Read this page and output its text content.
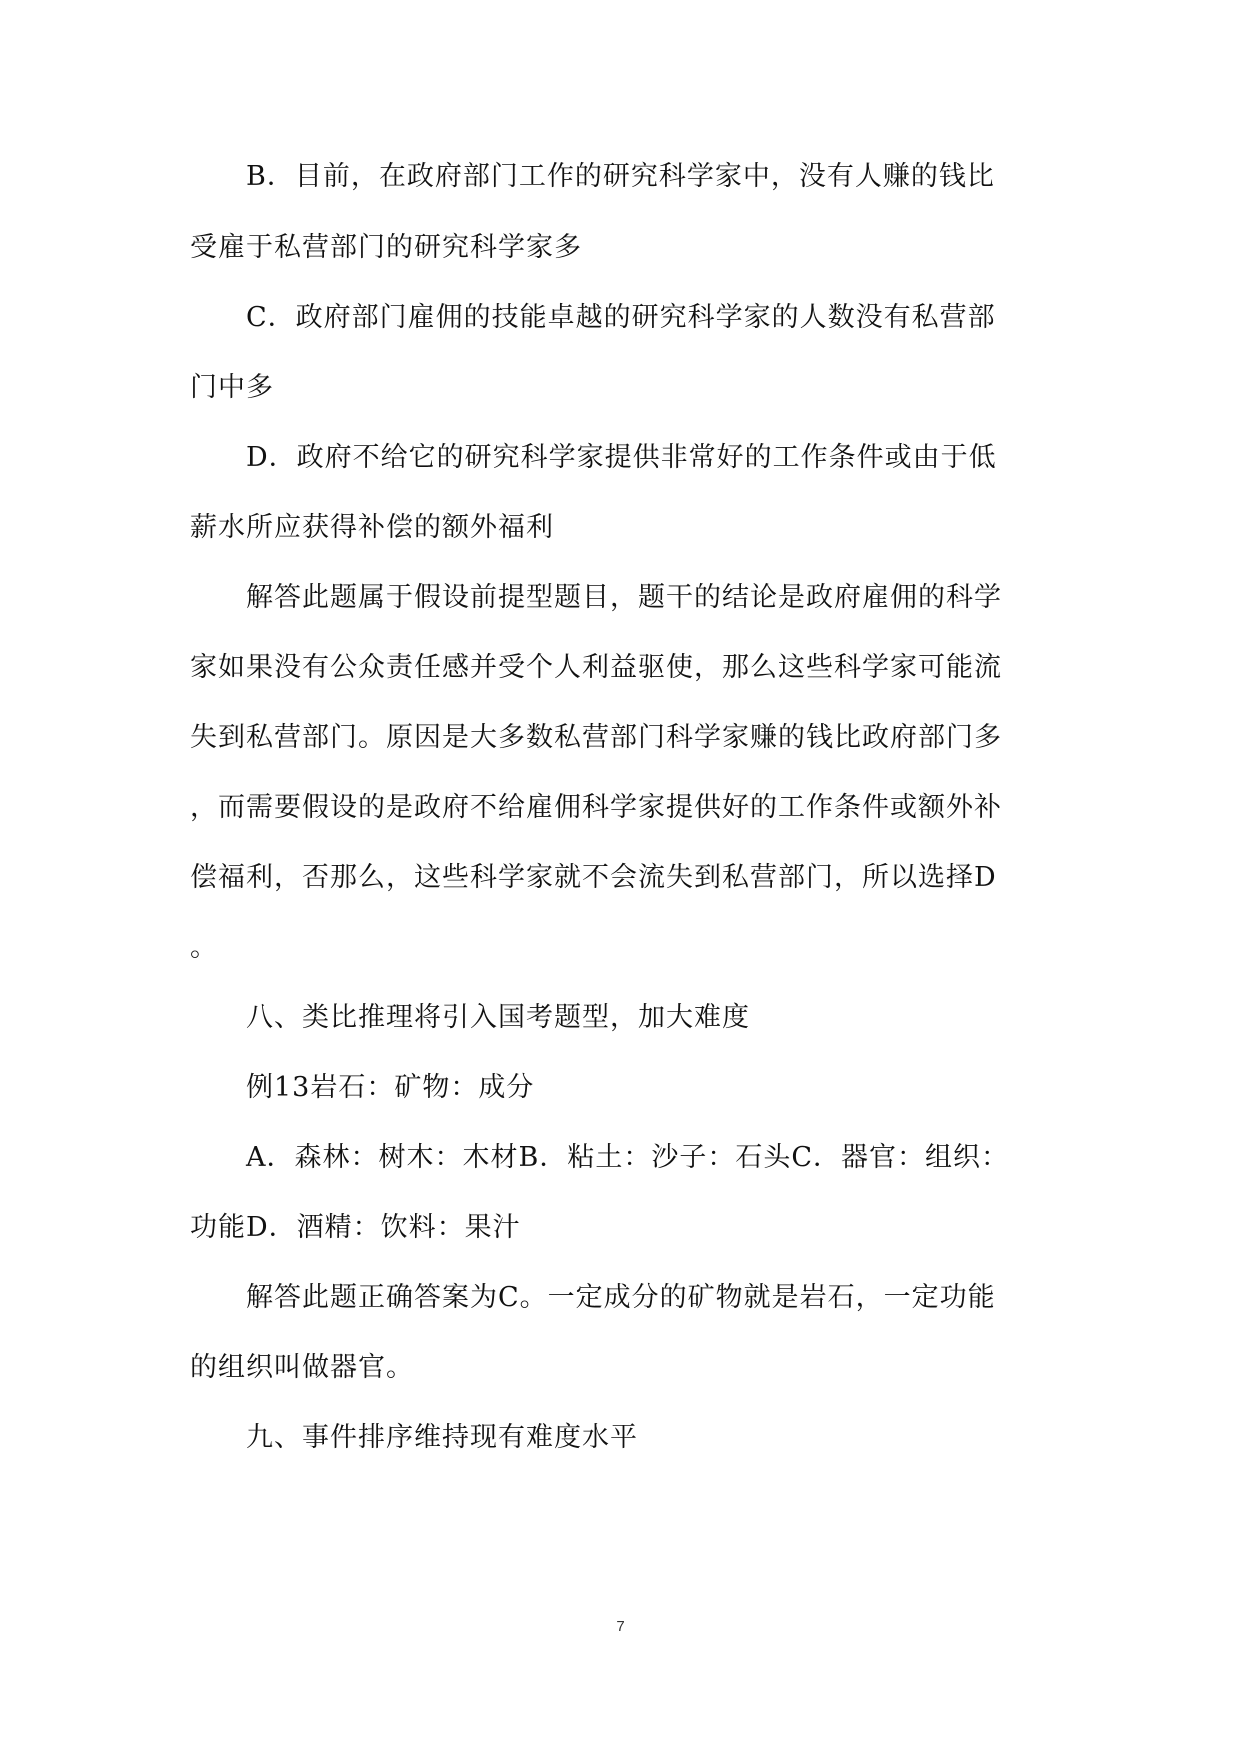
B．目前，在政府部门工作的研究科学家中，没有人赚的钱比
受雇于私营部门的研究科学家多
C．政府部门雇佣的技能卓越的研究科学家的人数没有私营部
门中多
D．政府不给它的研究科学家提供非常好的工作条件或由于低
薪水所应获得补偿的额外福利
解答此题属于假设前提型题目，题干的结论是政府雇佣的科学
家如果没有公众责任感并受个人利益驱使，那么这些科学家可能流
失到私营部门。原因是大多数私营部门科学家赚的钱比政府部门多
，而需要假设的是政府不给雇佣科学家提供好的工作条件或额外补
偿福利，否那么，这些科学家就不会流失到私营部门，所以选择D
。
八、类比推理将引入国考题型，加大难度
例13岩石：矿物：成分
A．森林：树木：木材B．粘土：沙子：石头C．器官：组织：
功能D．酒精：饮料：果汁
解答此题正确答案为C。一定成分的矿物就是岩石，一定功能
的组织叫做器官。
九、事件排序维持现有难度水平
7
